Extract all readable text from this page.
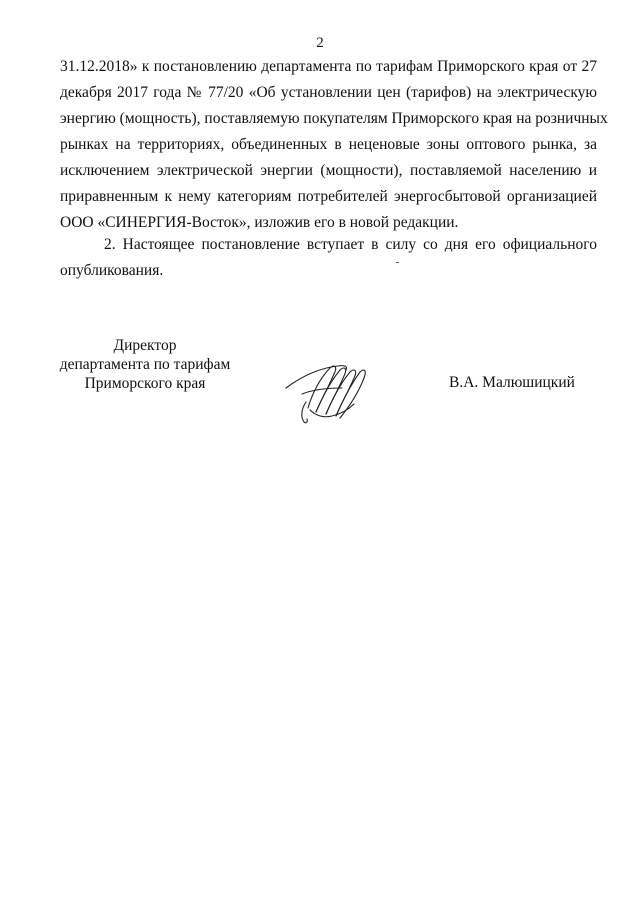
2
31.12.2018» к постановлению департамента по тарифам Приморского края от 27
декабря 2017 года № 77/20 «Об установлении цен (тарифов) на электрическую
энергию (мощность), поставляемую покупателям Приморского края на розничных
рынках на территориях, объединенных в неценовые зоны оптового рынка, за
исключением электрической энергии (мощности), поставляемой населению и
приравненным к нему категориям потребителей энергосбытовой организацией
ООО «СИНЕРГИЯ-Восток», изложив его в новой редакции.
2. Настоящее постановление вступает в силу со дня его официального
опубликования.
Директор
департамента по тарифам
Приморского края	В.А. Малюшицкий
